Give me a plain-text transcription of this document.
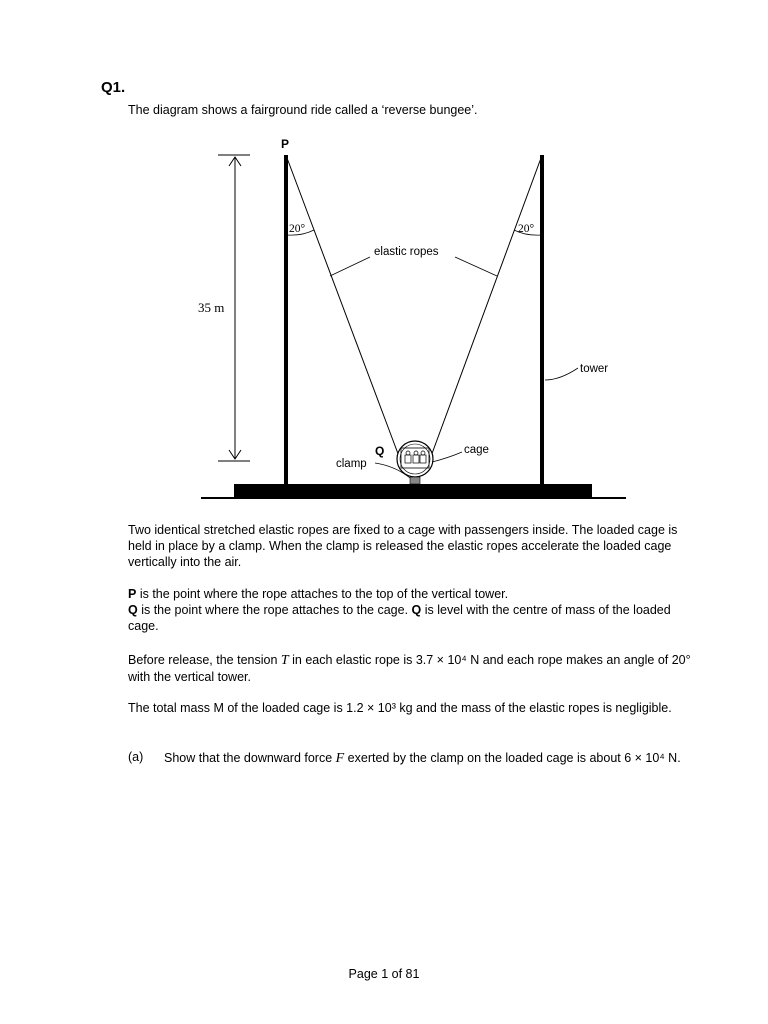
Q1.
The diagram shows a fairground ride called a ‘reverse bungee’.
35 m
20°	20°
P
Q
elastic ropes
tower
cage
clamp

Two identical stretched elastic ropes are fixed to a cage with passengers inside. The loaded cage is held in place by a clamp. When the clamp is released the elastic ropes accelerate the loaded cage vertically into the air.

P is the point where the rope attaches to the top of the vertical tower.

Q is the point where the rope attaches to the cage. Q is level with the centre of mass of the loaded cage.

Before release, the tension T in each elastic rope is 3.7 × 10⁴ N and each rope makes an angle of 20° with the vertical tower.

The total mass M of the loaded cage is 1.2 × 10³ kg and the mass of the elastic ropes is negligible.

(a) Show that the downward force F exerted by the clamp on the loaded cage is about 6 × 10⁴ N.
Page 1 of 81
